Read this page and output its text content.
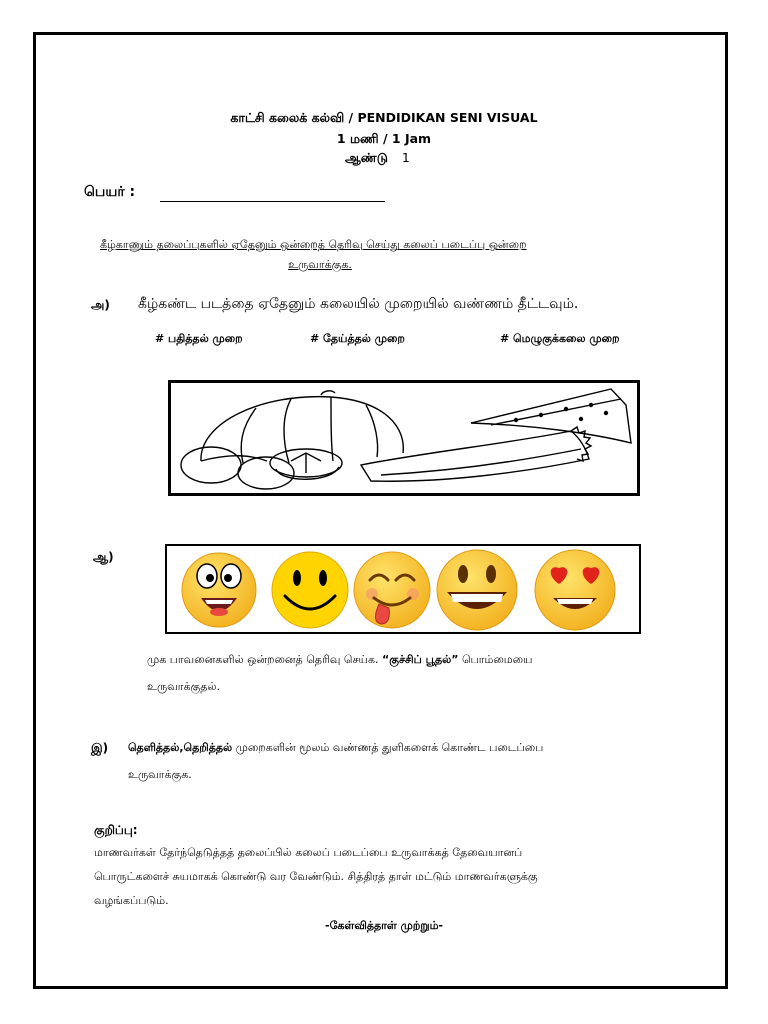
காட்சி கலைக் கல்வி / PENDIDIKAN SENI VISUAL
1 மணி / 1 Jam
ஆண்டு 1
பெயர் :
கீழ்காணும் தலைப்புகளில் ஏதேனும் ஒன்றைத் தெரிவு செய்து கலைப் படைப்பு ஒன்றை
உருவாக்குக.
அ) கீழ்கண்ட படத்தை ஏதேனும் கலையில் முறையில் வண்ணம் தீட்டவும்.
# பதித்தல் முறை	# தேய்த்தல் முறை	# மெழுகுக்கலை முறை
ஆ)
முக பாவனைகளில் ஒன்றனைத் தெரிவு செய்க. “குச்சிப் பூதல்” பொம்மையை
உருவாக்குதல்.
இ) தெளித்தல்,தெறித்தல் முறைகளின் மூலம் வண்ணத் துளிகளைக் கொண்ட படைப்பை
உருவாக்குக.
குறிப்பு:
மாணவர்கள் தேர்ந்தெடுத்தத் தலைப்பில் கலைப் படைப்பை உருவாக்கத் தேவையானப்
பொருட்களைச் சுயமாகக் கொண்டு வர வேண்டும். சித்திரத் தாள் மட்டும் மாணவர்களுக்கு
வழங்கப்படும்.
-கேள்வித்தாள் முற்றும்-
